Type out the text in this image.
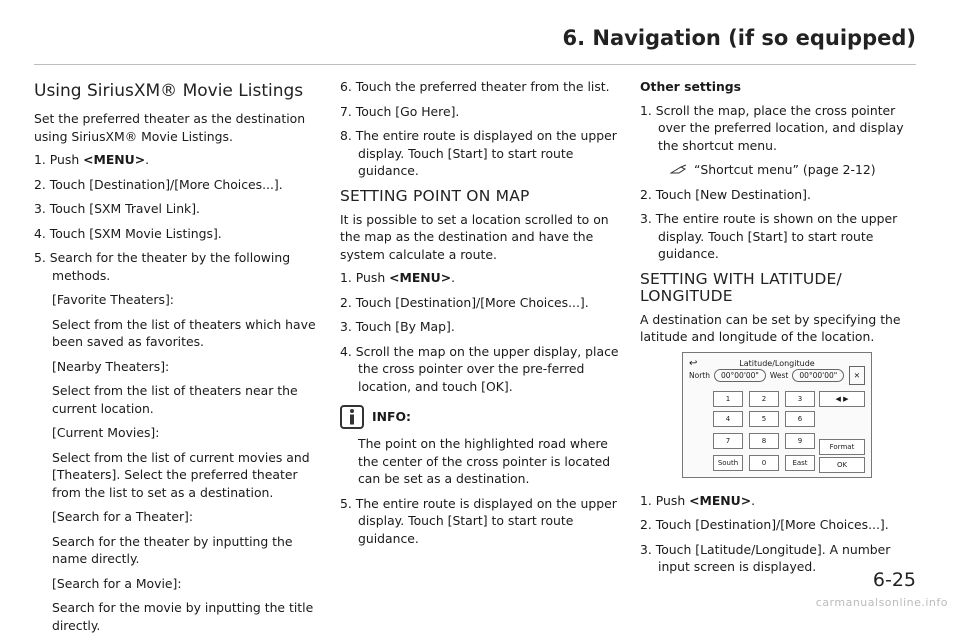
6. Navigation (if so equipped)
Using SiriusXM® Movie Listings
Set the preferred theater as the destination using SiriusXM® Movie Listings.
1. Push <MENU>.
2. Touch [Destination]/[More Choices...].
3. Touch [SXM Travel Link].
4. Touch [SXM Movie Listings].
5. Search for the theater by the following methods.
[Favorite Theaters]:
Select from the list of theaters which have been saved as favorites.
[Nearby Theaters]:
Select from the list of theaters near the current location.
[Current Movies]:
Select from the list of current movies and [Theaters]. Select the preferred theater from the list to set as a destination.
[Search for a Theater]:
Search for the theater by inputting the name directly.
[Search for a Movie]:
Search for the movie by inputting the title directly.
6. Touch the preferred theater from the list.
7. Touch [Go Here].
8. The entire route is displayed on the upper display. Touch [Start] to start route guidance.
SETTING POINT ON MAP
It is possible to set a location scrolled to on the map as the destination and have the system calculate a route.
1. Push <MENU>.
2. Touch [Destination]/[More Choices...].
3. Touch [By Map].
4. Scroll the map on the upper display, place the cross pointer over the pre-ferred location, and touch [OK].
INFO:
The point on the highlighted road where the center of the cross pointer is located can be set as a destination.
5. The entire route is displayed on the upper display. Touch [Start] to start route guidance.
Other settings
1. Scroll the map, place the cross pointer over the preferred location, and display the shortcut menu.
“Shortcut menu” (page 2-12)
2. Touch [New Destination].
3. The entire route is shown on the upper display. Touch [Start] to start route guidance.
SETTING WITH LATITUDE/
LONGITUDE
A destination can be set by specifying the latitude and longitude of the location.
↩	Latitude/Longitude
North	00°00'00"	West	00°00'00"	✕
1	2	3
4	5	6
7	8	9
South	0	East
◀ ▶
Format
OK
1. Push <MENU>.
2. Touch [Destination]/[More Choices...].
3. Touch [Latitude/Longitude]. A number input screen is displayed.
6-25
carmanualsonline.info
